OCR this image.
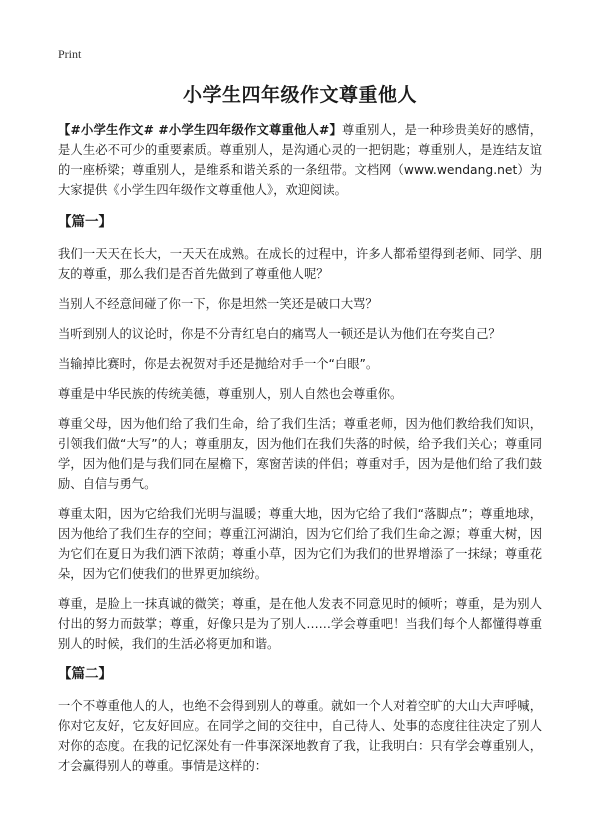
Print
小学生四年级作文尊重他人

【#小学生作文# #小学生四年级作文尊重他人#】尊重别人，是一种珍贵美好的感情，是人生必不可少的重要素质。尊重别人，是沟通心灵的一把钥匙；尊重别人，是连结友谊的一座桥梁；尊重别人，是维系和谐关系的一条纽带。文档网（www.wendang.net）为大家提供《小学生四年级作文尊重他人》，欢迎阅读。

【篇一】

我们一天天在长大，一天天在成熟。在成长的过程中，许多人都希望得到老师、同学、朋友的尊重，那么我们是否首先做到了尊重他人呢？

当别人不经意间碰了你一下，你是坦然一笑还是破口大骂？

当听到别人的议论时，你是不分青红皂白的痛骂人一顿还是认为他们在夸奖自己？

当输掉比赛时，你是去祝贺对手还是抛给对手一个“白眼”。

尊重是中华民族的传统美德，尊重别人，别人自然也会尊重你。

尊重父母，因为他们给了我们生命，给了我们生活；尊重老师，因为他们教给我们知识，引领我们做“大写”的人；尊重朋友，因为他们在我们失落的时候，给予我们关心；尊重同学，因为他们是与我们同在屋檐下，寒窗苦读的伴侣；尊重对手，因为是他们给了我们鼓励、自信与勇气。

尊重太阳，因为它给我们光明与温暖；尊重大地，因为它给了我们“落脚点”；尊重地球，因为他给了我们生存的空间；尊重江河湖泊，因为它们给了我们生命之源；尊重大树，因为它们在夏日为我们洒下浓荫；尊重小草，因为它们为我们的世界增添了一抹绿；尊重花朵，因为它们使我们的世界更加缤纷。

尊重，是脸上一抹真诚的微笑；尊重，是在他人发表不同意见时的倾听；尊重，是为别人付出的努力而鼓掌；尊重，好像只是为了别人……学会尊重吧！当我们每个人都懂得尊重别人的时候，我们的生活必将更加和谐。

【篇二】

一个不尊重他人的人，也绝不会得到别人的尊重。就如一个人对着空旷的大山大声呼喊，你对它友好，它友好回应。在同学之间的交往中，自己待人、处事的态度往往决定了别人对你的态度。在我的记忆深处有一件事深深地教育了我，让我明白：只有学会尊重别人，才会赢得别人的尊重。事情是这样的：
